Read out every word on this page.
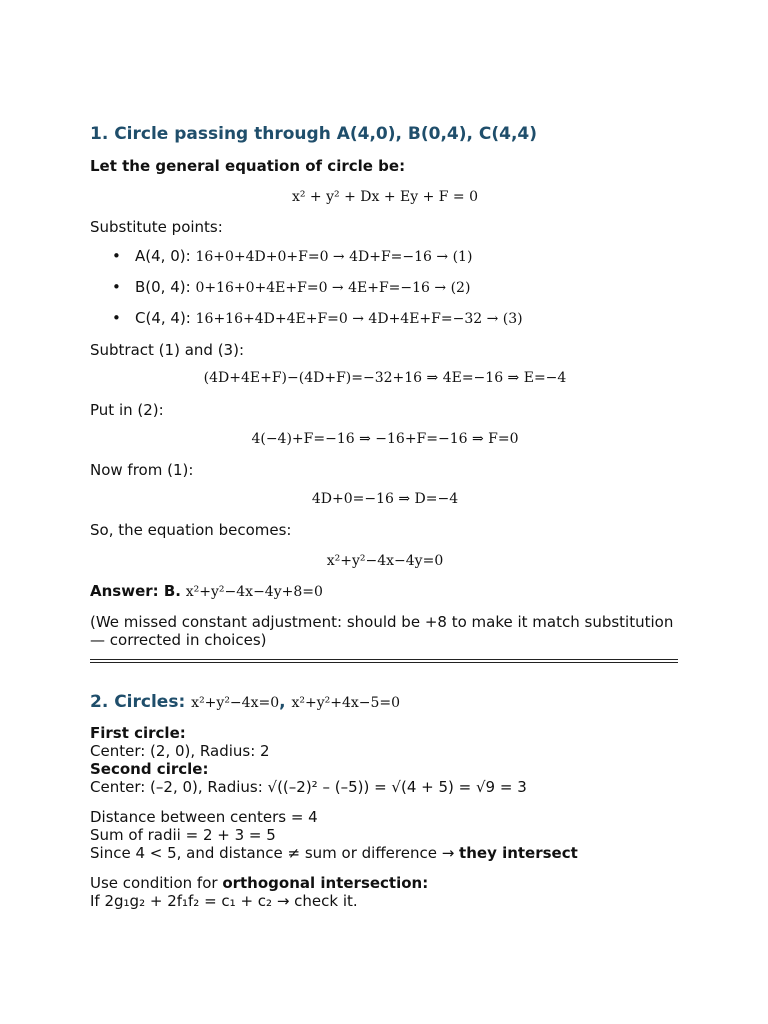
1. Circle passing through A(4,0), B(0,4), C(4,4)
Let the general equation of circle be:
x² + y² + Dx + Ey + F = 0
Substitute points:
• A(4, 0): 16+0+4D+0+F=0 → 4D+F=−16 → (1)
• B(0, 4): 0+16+0+4E+F=0 → 4E+F=−16 → (2)
• C(4, 4): 16+16+4D+4E+F=0 → 4D+4E+F=−32 → (3)
Subtract (1) and (3):
(4D+4E+F)−(4D+F)=−32+16 ⇒ 4E=−16 ⇒ E=−4
Put in (2):
4(−4)+F=−16 ⇒ −16+F=−16 ⇒ F=0
Now from (1):
4D+0=−16 ⇒ D=−4
So, the equation becomes:
x²+y²−4x−4y=0
Answer: B. x²+y²−4x−4y+8=0
(We missed constant adjustment: should be +8 to make it match substitution — corrected in choices)
2. Circles: x²+y²−4x=0, x²+y²+4x−5=0
First circle:
Center: (2, 0), Radius: 2
Second circle:
Center: (–2, 0), Radius: √((–2)² – (–5)) = √(4 + 5) = √9 = 3
Distance between centers = 4
Sum of radii = 2 + 3 = 5
Since 4 < 5, and distance ≠ sum or difference → they intersect
Use condition for orthogonal intersection:
If 2g₁g₂ + 2f₁f₂ = c₁ + c₂ → check it.
